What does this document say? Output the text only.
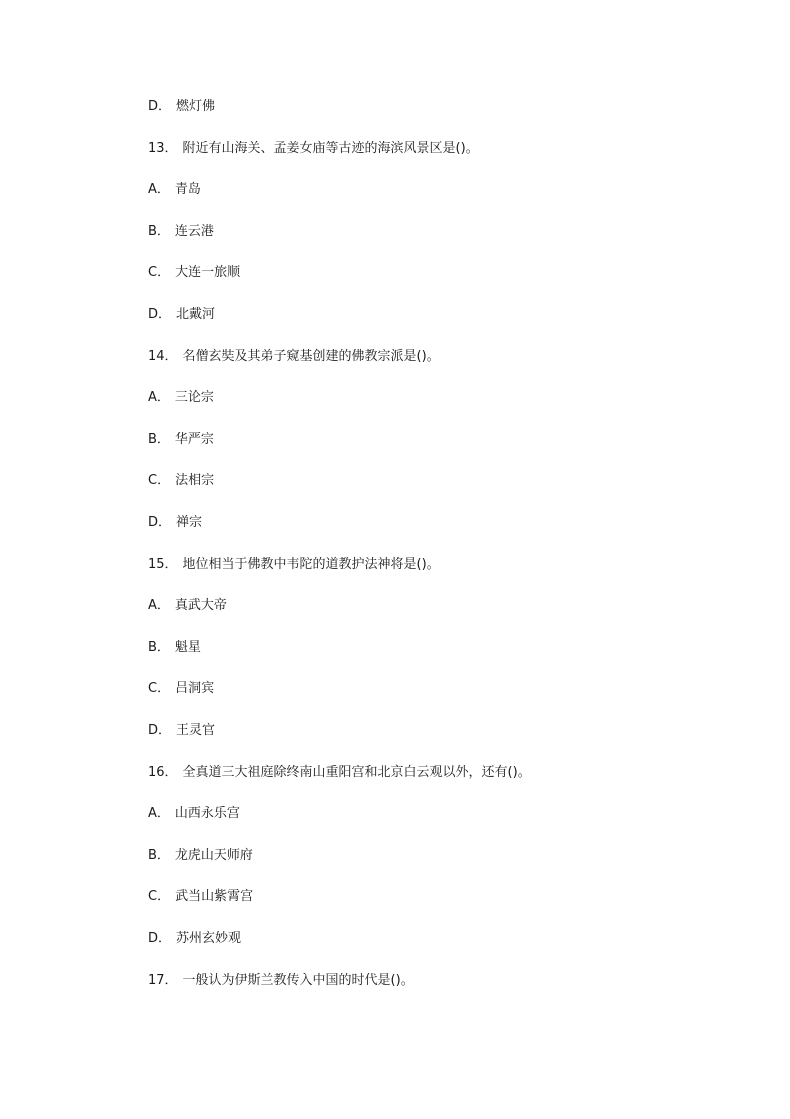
D． 燃灯佛
13． 附近有山海关、孟姜女庙等古迹的海滨风景区是()。
A． 青岛
B． 连云港
C． 大连一旅顺
D． 北戴河
14． 名僧玄奘及其弟子窥基创建的佛教宗派是()。
A． 三论宗
B． 华严宗
C． 法相宗
D． 禅宗
15． 地位相当于佛教中韦陀的道教护法神将是()。
A． 真武大帝
B． 魁星
C． 吕洞宾
D． 王灵官
16． 全真道三大祖庭除终南山重阳宫和北京白云观以外，还有()。
A． 山西永乐宫
B． 龙虎山天师府
C． 武当山紫霄宫
D． 苏州玄妙观
17． 一般认为伊斯兰教传入中国的时代是()。
